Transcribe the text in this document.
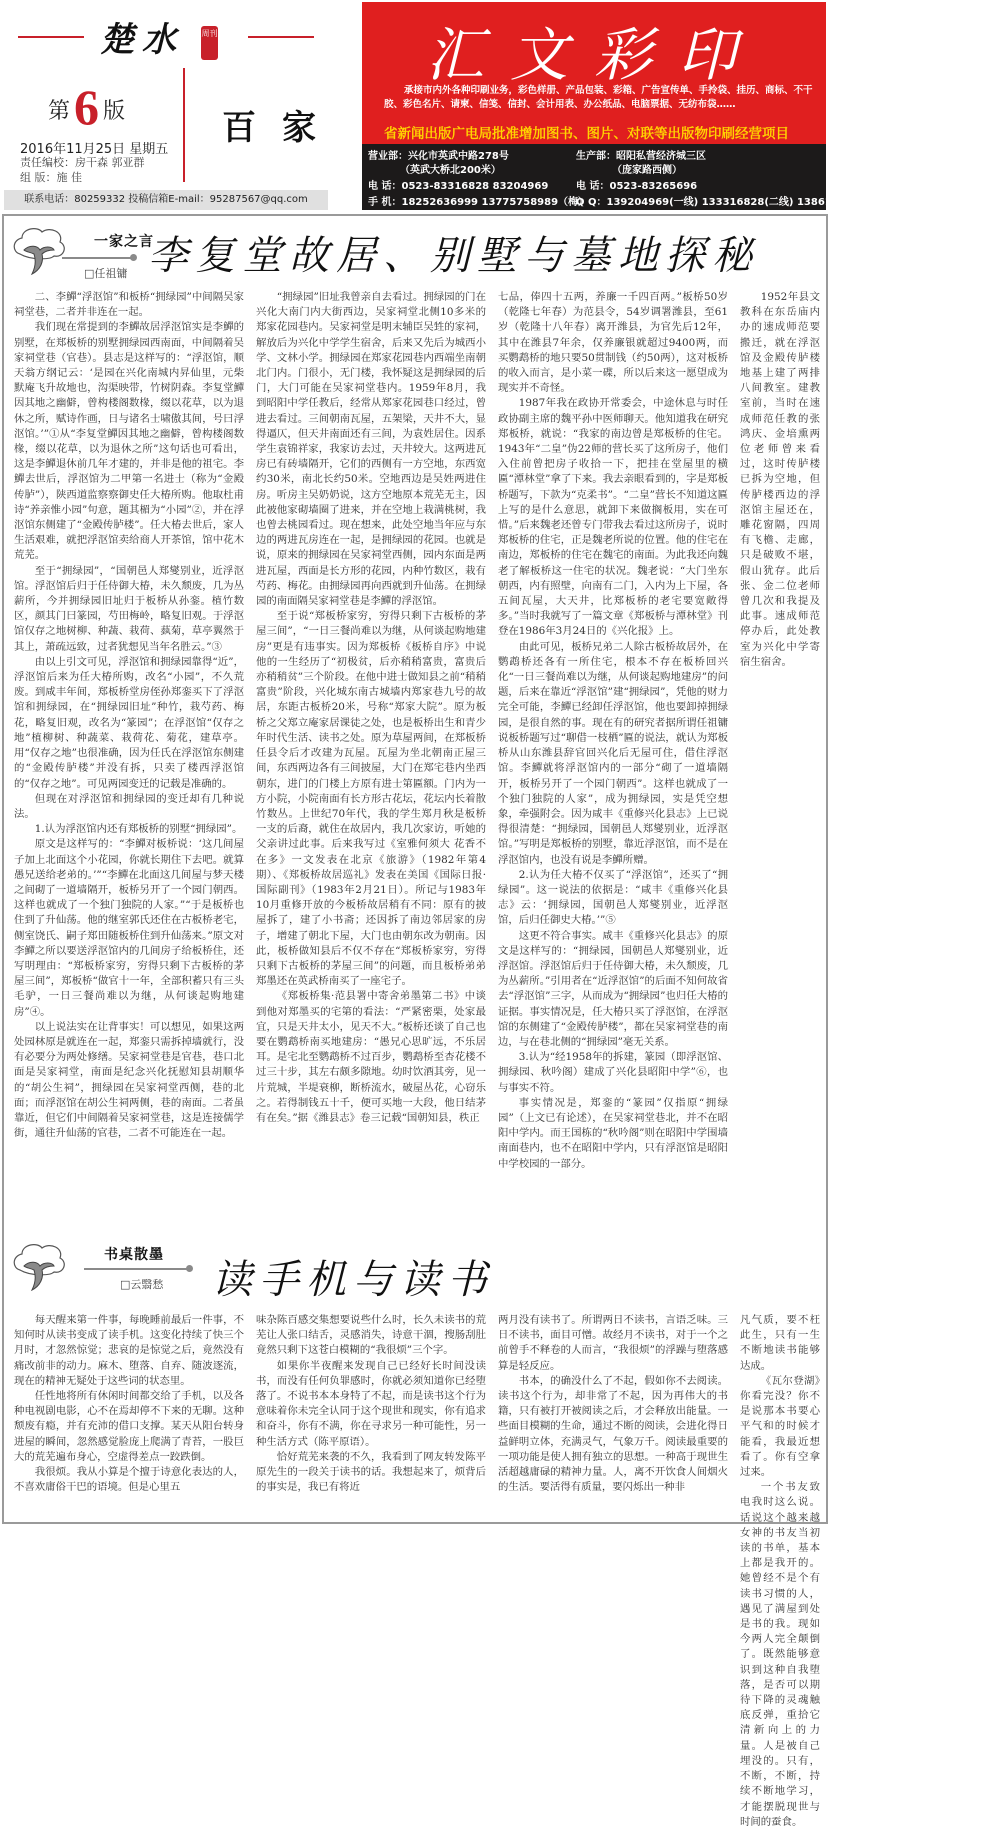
楚水 周刊
第6 版	百家
2016年11月25日 星期五
责任编校：房干森 郭亚群
组 版：施 佳
联系电话：80259332 投稿信箱E-mail：95287567@qq.com
汇文彩印
承接市内外各种印刷业务，彩色样册、产品包装、彩箱、广告宣传单、手拎袋、挂历、商标、不干胶、彩色名片、请柬、信笺、信封、会计用表、办公纸品、电脑票据、无纺布袋……
省新闻出版广电局批准增加图书、图片、对联等出版物印刷经营项目
营业部：兴化市英武中路278号
（英武大桥北200米）
电 话：0523-83316828 83204969
手 机：18252636999 13775758989（梅）
生产部：昭阳私营经济城三区
（庞家路西侧）
电 话：0523-83265696
Q Q：139204969(一线) 133316828(二线) 138616399(三线)
一家之言
□任祖镛 李复堂故居、别墅与墓地探秘

二、李鱓“浮沤馆”和板桥“拥绿园”中间隔吴家祠堂巷，二者并非连在一起。

我们现在常提到的李鱓故居浮沤馆实是李鱓的别墅，在郑板桥的别墅拥绿园西南面，中间隔着吴家祠堂巷（官巷）。县志是这样写的：“浮沤馆，顺天翁方纲记云：‘是园在兴化南城内昇仙里，元柴默庵飞升故地也，沟渠映带，竹树阴森。李复堂鱓因其地之幽僻，曾构楼阁数椽，缀以花草，以为退休之所，赋诗作画，日与诸名士啸傲其间，号曰浮沤馆。’”①从“李复堂鱓因其地之幽僻，曾构楼阁数椽，缀以花草，以为退休之所”这句话也可看出，这是李鱓退休前几年才建的，并非是他的祖宅。李鱓去世后，浮沤馆为二甲第一名进士（称为“金殿传胪”），陕西道监察察御史任大椿所购。他取杜甫诗“养亲惟小园”句意，题其楣为“小园”②，并在浮沤馆东侧建了“金殿传胪楼”。任大椿去世后，家人生活艰难，就把浮沤馆卖给商人开茶馆，馆中花木荒芜。

至于“拥绿园”，“国朝邑人郑燮别业，近浮沤馆。浮沤馆后归于任侍御大椿，未久颓废，几为丛薪所，今并拥绿园旧址归于板桥从孙銮。植竹数区，颜其门曰篆园，芍田梅岭，略复旧观。于浮沤馆仅存之地树柳、种蔬、栽荷、蓺菊，草亭翼然于其上，萧疏远致，过者犹想见当年名胜云。”③

由以上引文可见，浮沤馆和拥绿园靠得“近”，浮沤馆后来为任大椿所购，改名“小园”，不久荒废。到咸丰年间，郑板桥堂房侄孙郑銮买下了浮沤馆和拥绿园，在“拥绿园旧址”种竹，栽芍药、梅花，略复旧观，改名为“篆园”；在浮沤馆“仅存之地”植柳树、种蔬菜、栽荷花、菊花，建草亭。用“仅存之地”也很准确，因为任氏在浮沤馆东侧建的“金殿传胪楼”并没有拆，只卖了楼西浮沤馆的“仅存之地”。可见两园变迁的记载是准确的。

但现在对浮沤馆和拥绿园的变迁却有几种说法。

1.认为浮沤馆内还有郑板桥的别墅“拥绿园”。

原文是这样写的：“李鱓对板桥说：‘这几间屋子加上北面这个小花园，你就长期住下去吧。就算愚兄送给老弟的。’”“李鱓在北面这几间屋与梦天楼之间砌了一道墙隔开，板桥另开了一个园门朝西。这样也就成了一个独门独院的人家。”“于是板桥也住到了升仙荡。他的继室郭氏还住在古板桥老宅，侧室饶氏、嗣子郑田随板桥住到升仙荡来。”原文对李鱓之所以要送浮沤馆内的几间房子给板桥住，还写明理由：“郑板桥家穷，穷得只剩下古板桥的茅屋三间”，郑板桥“做官十一年，全部积蓄只有三头毛驴，一日三餐尚难以为继，从何谈起购地建房”④。

以上说法实在让背事实！可以想见，如果这两处园林原是就连在一起，郑銮只需拆掉墙就行，没有必要分为两处修缮。吴家祠堂巷是官巷，巷口北面是吴家祠堂，南面是纪念兴化抚慰知县胡顺华的“胡公生祠”，拥绿园在吴家祠堂西侧，巷的北面；而浮沤馆在胡公生祠两侧，巷的南面。二者虽靠近，但它们中间隔着吴家祠堂巷，这是连接儒学街，通往升仙荡的官巷，二者不可能连在一起。

“拥绿园”旧址我曾亲自去看过。拥绿园的门在兴化大南门内大街西边，吴家祠堂北侧10多米的郑家花园巷内。吴家祠堂是明末辅臣吴甡的家祠，解放后为兴化中学学生宿舍，后来又先后为城西小学、文林小学。拥绿园在郑家花园巷内西端坐南朝北门内。门很小，无门楼，我怀疑这是拥绿园的后门，大门可能在吴家祠堂巷内。1959年8月，我到昭阳中学任教后，经常从郑家花园巷口经过，曾进去看过。三间朝南瓦屋，五架梁，天井不大，显得逼仄，但天井南面还有三间，为袁姓居住。因系学生袁锦祥家，我家访去过，天井较大。这两进瓦房已有砖墙隔开，它们的西侧有一方空地，东西宽约30米，南北长约50米。空地西边是吴姓两进住房。听房主吴奶奶说，这方空地原本荒芜无主，因此被他家砌墙圈了进来，并在空地上栽满桃树，我也曾去桃园看过。现在想来，此处空地当年应与东边的两进瓦房连在一起，是拥绿园的花园。也就是说，原来的拥绿园在吴家祠堂西侧，园内东面是两进瓦屋，西面是长方形的花园，内种竹数区，栽有芍药、梅花。由拥绿园再向西就到升仙荡。在拥绿园的南面隔吴家祠堂巷是李鱓的浮沤馆。

至于说“郑板桥家穷，穷得只剩下古板桥的茅屋三间”，“一日三餐尚难以为继，从何谈起购地建房”更是有违事实。因为郑板桥《板桥自序》中说他的一生经历了“初极贫，后亦稍稍富贵，富贵后亦稍稍贫”三个阶段。在他中进士做知县之前“稍稍富贵”阶段，兴化城东南古城墙内郑家巷九号的故居，东距古板桥20米，号称“郑家大院”。原为板桥之父郑立庵家居课徒之处，也是板桥出生和青少年时代生活、读书之处。原为草屋两间，在郑板桥任县令后才改建为瓦屋。瓦屋为坐北朝南正屋三间，东西两边各有三间披屋，大门在郑宅巷内坐西朝东，进门的门楼上方原有进士第匾额。门内为一方小院，小院南面有长方形古花坛，花坛内长着散竹数丛。上世纪70年代，我的学生郑月秋是板桥一支的后裔，就住在故居内，我几次家访，听她的父亲讲过此事。后来我写过《室雅何须大 花香不在多》一文发表在北京《旅游》（1982年第4期）、《郑板桥故居巡礼》发表在美国《国际日报·国际副刊》（1983年2月21日）。所记与1983年10月重修开放的今板桥故居稍有不同：原有的披屋拆了，建了小书斋；还因拆了南边邻居家的房子，增建了朝北下屋，大门也由朝东改为朝南。因此，板桥做知县后不仅不存在“郑板桥家穷，穷得只剩下古板桥的茅屋三间”的问题，而且板桥弟弟郑墨还在英武桥南买了一座宅子。

《郑板桥集·范县署中寄舍弟墨第二书》中谈到他对郑墨买的宅第的看法：“严紧密栗，处家最宜，只是天井太小，见天不大。”板桥还谈了自己也要在鹦鹉桥南买地建房：“愚兄心思旷远，不乐居耳。是宅北至鹦鹉桥不过百步，鹦鹉桥至杏花楼不过三十步，其左右颇多隙地。幼时饮酒其旁，见一片荒城，半堤衰柳，断桥流水，破屋丛花，心窃乐之。若得制钱五十千，便可买地一大段，他日结茅有在矣。”据《潍县志》卷三记载“国朝知县，秩正

七品，俸四十五两，养廉一千四百两。”板桥50岁（乾隆七年春）为范县令，54岁调署潍县，至61岁（乾隆十八年春）离开潍县，为官先后12年，其中在潍县7年余，仅养廉银就超过9400两，而买鹦鹉桥的地只要50贯制钱（约50两），这对板桥的收入而言，是小菜一碟，所以后来这一愿望成为现实并不奇怪。

1987年我在政协开常委会，中途休息与时任政协副主席的魏平孙中医师聊天。他知道我在研究郑板桥，就说：“我家的南边曾是郑板桥的住宅。1943年“二皇”伪22师的营长买了这所房子，他们入住前曾把房子收拾一下，把挂在堂屋里的横匾“潭林堂”拿了下来。我去亲眼看到的，字是郑板桥题写，下款为“克柔书”。“二皇”营长不知道这匾上写的是什么意思，就卸下来做搁板用，实在可惜。”后来魏老还曾专门带我去看过这所房子，说时郑板桥的住宅，正是魏老所说的位置。他的住宅在南边，郑板桥的住宅在魏宅的南面。为此我还向魏老了解板桥这一住宅的状况。魏老说：“大门坐东朝西，内有照壁，向南有二门，入内为上下屋，各五间瓦屋，大天井，比郑板桥的老宅要宽敞得多。”当时我就写了一篇文章《郑板桥与潭林堂》刊登在1986年3月24日的《兴化报》上。

由此可见，板桥兄弟二人除古板桥故居外，在鹦鹉桥还各有一所住宅，根本不存在板桥回兴化“一日三餐尚难以为继，从何谈起购地建房”的问题，后来在靠近“浮沤馆”建“拥绿园”，凭他的财力完全可能，李鱓已经卸任浮沤馆，他也要卸掉拥绿园，是很自然的事。现在有的研究者据所谓任祖镛说板桥题写过“聊借一枝栖”匾的说法，就认为郑板桥从山东潍县辞官回兴化后无屋可住，借住浮沤馆。李鱓就将浮沤馆内的一部分“砌了一道墙隔开，板桥另开了一个园门朝西”。这样也就成了一个独门独院的人家”，成为拥绿园，实是凭空想象，牵强附会。因为咸丰《重修兴化县志》上已说得很清楚：“拥绿园，国朝邑人郑燮别业，近浮沤馆。”写明是郑板桥的别墅，靠近浮沤馆，而不是在浮沤馆内，也没有说是李鱓所赠。

2.认为任大椿不仅买了“浮沤馆”，还买了“拥绿园”。这一说法的依据是：“咸丰《重修兴化县志》云：‘拥绿园，国朝邑人郑燮别业，近浮沤馆，后归任御史大椿。’”⑤

这更不符合事实。咸丰《重修兴化县志》的原文是这样写的：“拥绿园，国朝邑人郑燮别业，近浮沤馆。浮沤馆后归于任侍御大椿，未久颓废，几为丛薪所。”引用者在“近浮沤馆”的后面不知何故省去“浮沤馆”三字，从而成为“拥绿园”也归任大椿的证据。事实情况是，任大椿只买了浮沤馆，在浮沤馆的东侧建了“金殿传胪楼”，都在吴家祠堂巷的南边，与在巷北侧的“拥绿园”毫无关系。

3.认为“经1958年的拆建，篆园（即浮沤馆、拥绿园、秋吟阁）建成了兴化县昭阳中学”⑥，也与事实不符。

事实情况是，郑銮的“篆园”仅指原“拥绿园”（上文已有论述），在吴家祠堂巷北，并不在昭阳中学内。而王国栋的“秋吟阁”则在昭阳中学围墙南面巷内，也不在昭阳中学内，只有浮沤馆是昭阳中学校园的一部分。

1952年县文教科在东岳庙内办的速成师范要搬迁，就在浮沤馆及金殿传胪楼地基上建了两排八间教室。建教室前，当时在速成师范任教的张鸿庆、金培熏两位老师曾来看过，这时传胪楼已拆为空地，但传胪楼西边的浮沤馆主屋还在，雕花窗隔，四周有飞檐、走廊，只是破败不堪，假山犹存。此后张、金二位老师曾几次和我提及此事。速成师范停办后，此处教室为兴化中学寄宿生宿舍。

书桌散墨
□云翳愁 读手机与读书

每天醒来第一件事，每晚睡前最后一件事，不知何时从读书变成了读手机。这变化持续了快三个月时，才忽然惊觉；悲哀的是惊觉之后，竟然没有痛改前非的动力。麻木、堕落、自弃、随波逐流，现在的精神无疑处于这些词的状态里。

任性地将所有休闲时间都交给了手机，以及各种电视剧电影，心不在焉却停不下来的无聊。这种颓废有瘾，并有充沛的借口支撑。某天从阳台转身进屋的瞬间，忽然感觉脸庞上爬满了青苔，一股巨大的荒芜遍布身心，空虚得差点一跤跌倒。

我很烦。我从小算是个擅于诗意化表达的人，不喜欢庸俗干巴的语境。但是心里五

味杂陈百感交集想要说些什么时，长久未读书的荒芜让人张口结舌，灵感消失，诗意干涸，搜肠刮肚竟然只剩下这苍白模糊的“我很烦”三个字。

如果你半夜醒来发现自己已经好长时间没读书，而没有任何负罪感时，你就必须知道你已经堕落了。不说书本本身特了不起，而是读书这个行为意味着你未完全认同于这个现世和现实，你有追求和奋斗，你有不满，你在寻求另一种可能性，另一种生活方式（陈平原语）。

恰好荒芜来袭的不久，我看到了网友转发陈平原先生的一段关于读书的话。我想起来了，烦背后的事实是，我已有将近

两月没有读书了。所谓两日不读书，言语乏味。三日不读书，面目可憎。故经月不读书，对于一个之前曾手不释卷的人而言，“我很烦”的浮躁与堕落感算是轻反应。

书本，的确没什么了不起，假如你不去阅读。读书这个行为，却非常了不起，因为再伟大的书籍，只有被打开被阅读之后，才会释放出能量。一些面目模糊的生命，通过不断的阅读，会进化得日益鲜明立体，充满灵气，气象万千。阅读最重要的一项功能是使人拥有独立的思想。一种高于现世生活超越庸碌的精神力量。人，离不开饮食人间烟火的生活。要活得有质量，要闪烁出一种非

凡气质，要不枉此生，只有一生不断地读书能够达成。

《瓦尔登湖》你看完没？你不是说那本书要心平气和的时候才能看，我最近想看了。你有空拿过来。

一个书友致电我时这么说。话说这个越来越女神的书友当初读的书单，基本上都是我开的。她曾经不是个有读书习惯的人，遇见了满屋到处是书的我。现如今两人完全颠倒了。既然能够意识到这种自我堕落，是否可以期待下降的灵魂触底反弹，重拾它清新向上的力量。人是被自己埋没的。只有，不断，不断，持续不断地学习，才能摆脱现世与时间的蚕食。
